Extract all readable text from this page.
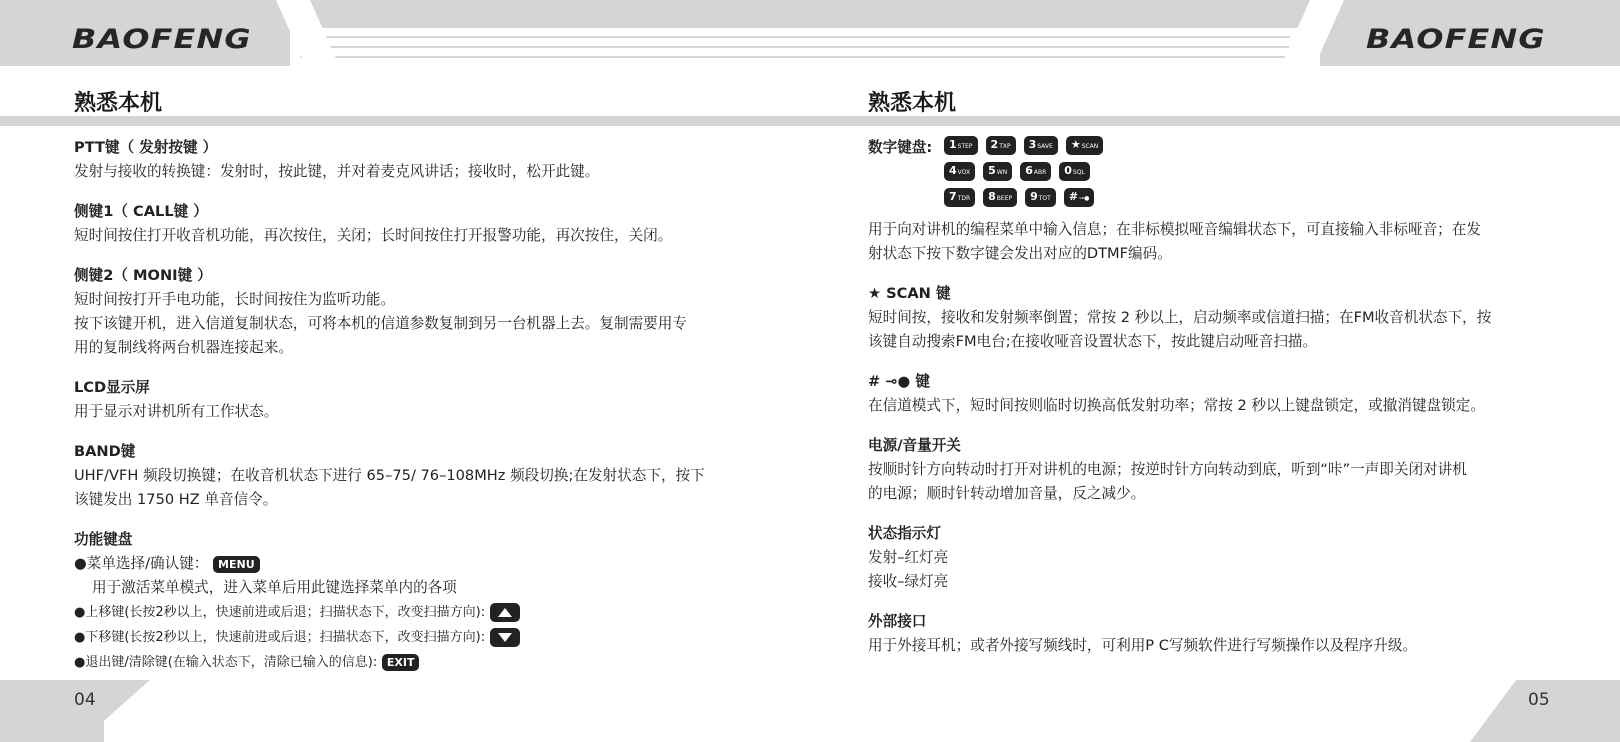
BAOFENG	BAOFENG
熟悉本机	熟悉本机
PTT键（ 发射按键 ）
发射与接收的转换键：发射时，按此键，并对着麦克风讲话；接收时，松开此键。
侧键1（ CALL键 ）
短时间按住打开收音机功能，再次按住，关闭；长时间按住打开报警功能，再次按住，关闭。
侧键2（ MONI键 ）
短时间按打开手电功能，长时间按住为监听功能。
按下该键开机，进入信道复制状态，可将本机的信道参数复制到另一台机器上去。复制需要用专
用的复制线将两台机器连接起来。
LCD显示屏
用于显示对讲机所有工作状态。
BAND键
UHF/VFH 频段切换键；在收音机状态下进行 65–75/ 76–108MHz 频段切换;在发射状态下，按下
该键发出 1750 HZ 单音信令。
功能键盘
●菜单选择/确认键： MENU
用于激活菜单模式，进入菜单后用此键选择菜单内的各项
●上移键(长按2秒以上，快速前进或后退；扫描状态下，改变扫描方向):
●下移键(长按2秒以上，快速前进或后退；扫描状态下，改变扫描方向):
●退出键/清除键(在输入状态下，清除已输入的信息): EXIT
数字键盘:	1STEP	2TXP	3SAVE	★SCAN
4VOX	5WN	6ABR	0SQL
7TDR	8BEEP	9TOT	#⊸●
用于向对讲机的编程菜单中输入信息；在非标模拟哑音编辑状态下，可直接输入非标哑音；在发
射状态下按下数字键会发出对应的DTMF编码。
★ SCAN 键
短时间按，接收和发射频率倒置；常按 2 秒以上，启动频率或信道扫描；在FM收音机状态下，按
该键自动搜索FM电台;在接收哑音设置状态下，按此键启动哑音扫描。
# ⊸● 键
在信道模式下，短时间按则临时切换高低发射功率；常按 2 秒以上键盘锁定，或撤消键盘锁定。
电源/音量开关
按顺时针方向转动时打开对讲机的电源；按逆时针方向转动到底，听到“咔”一声即关闭对讲机
的电源；顺时针转动增加音量，反之减少。
状态指示灯
发射–红灯亮
接收–绿灯亮
外部接口
用于外接耳机；或者外接写频线时，可利用P C写频软件进行写频操作以及程序升级。
04	05
